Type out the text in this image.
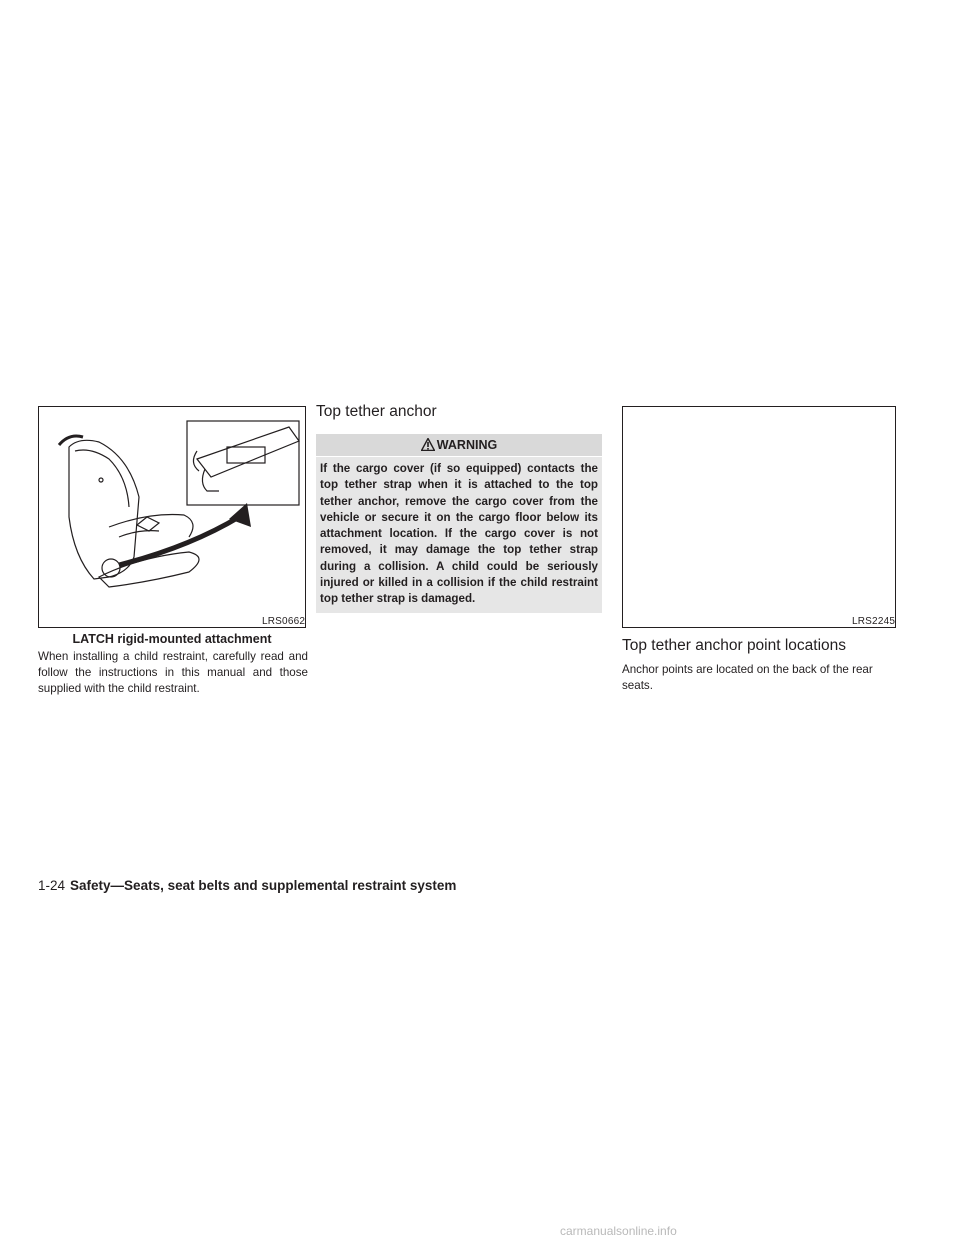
LRS0662
LATCH rigid-mounted attachment
When installing a child restraint, carefully read and follow the instructions in this manual and those supplied with the child restraint.
Top tether anchor
WARNING
If the cargo cover (if so equipped) contacts the top tether strap when it is attached to the top tether anchor, remove the cargo cover from the vehicle or secure it on the cargo floor below its attachment location. If the cargo cover is not removed, it may damage the top tether strap during a collision. A child could be seriously injured or killed in a collision if the child restraint top tether strap is damaged.
LRS2245
Top tether anchor point locations
Anchor points are located on the back of the rear seats.
1-24 Safety—Seats, seat belts and supplemental restraint system
carmanualsonline.info
